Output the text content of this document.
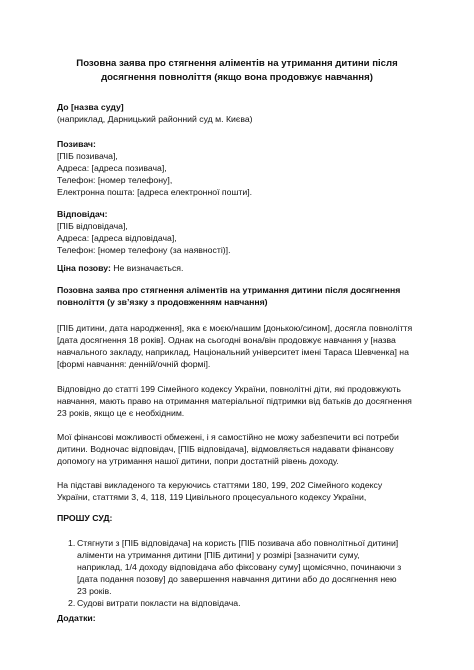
Позовна заява про стягнення аліментів на утримання дитини після
досягнення повноліття (якщо вона продовжує навчання)
До [назва суду]
(наприклад, Дарницький районний суд м. Києва)
Позивач:
[ПІБ позивача],
Адреса: [адреса позивача],
Телефон: [номер телефону],
Електронна пошта: [адреса електронної пошти].
Відповідач:
[ПІБ відповідача],
Адреса: [адреса відповідача],
Телефон: [номер телефону (за наявності)].
Ціна позову: Не визначається.
Позовна заява про стягнення аліментів на утримання дитини після досягнення
повноліття (у зв’язку з продовженням навчання)
[ПІБ дитини, дата народження], яка є моєю/нашим [донькою/сином], досягла повноліття
[дата досягнення 18 років]. Однак на сьогодні вона/він продовжує навчання у [назва
навчального закладу, наприклад, Національний університет імені Тараса Шевченка] на
[формі навчання: денній/очній формі].
Відповідно до статті 199 Сімейного кодексу України, повнолітні діти, які продовжують
навчання, мають право на отримання матеріальної підтримки від батьків до досягнення
23 років, якщо це є необхідним.
Мої фінансові можливості обмежені, і я самостійно не можу забезпечити всі потреби
дитини. Водночас відповідач, [ПІБ відповідача], відмовляється надавати фінансову
допомогу на утримання нашої дитини, попри достатній рівень доходу.
На підставі викладеного та керуючись статтями 180, 199, 202 Сімейного кодексу
України, статтями 3, 4, 118, 119 Цивільного процесуального кодексу України,
ПРОШУ СУД:
1. Стягнути з [ПІБ відповідача] на користь [ПІБ позивача або повнолітньої дитини]
аліменти на утримання дитини [ПІБ дитини] у розмірі [зазначити суму,
наприклад, 1/4 доходу відповідача або фіксовану суму] щомісячно, починаючи з
[дата подання позову] до завершення навчання дитини або до досягнення нею
23 років.
2. Судові витрати покласти на відповідача.
Додатки:
